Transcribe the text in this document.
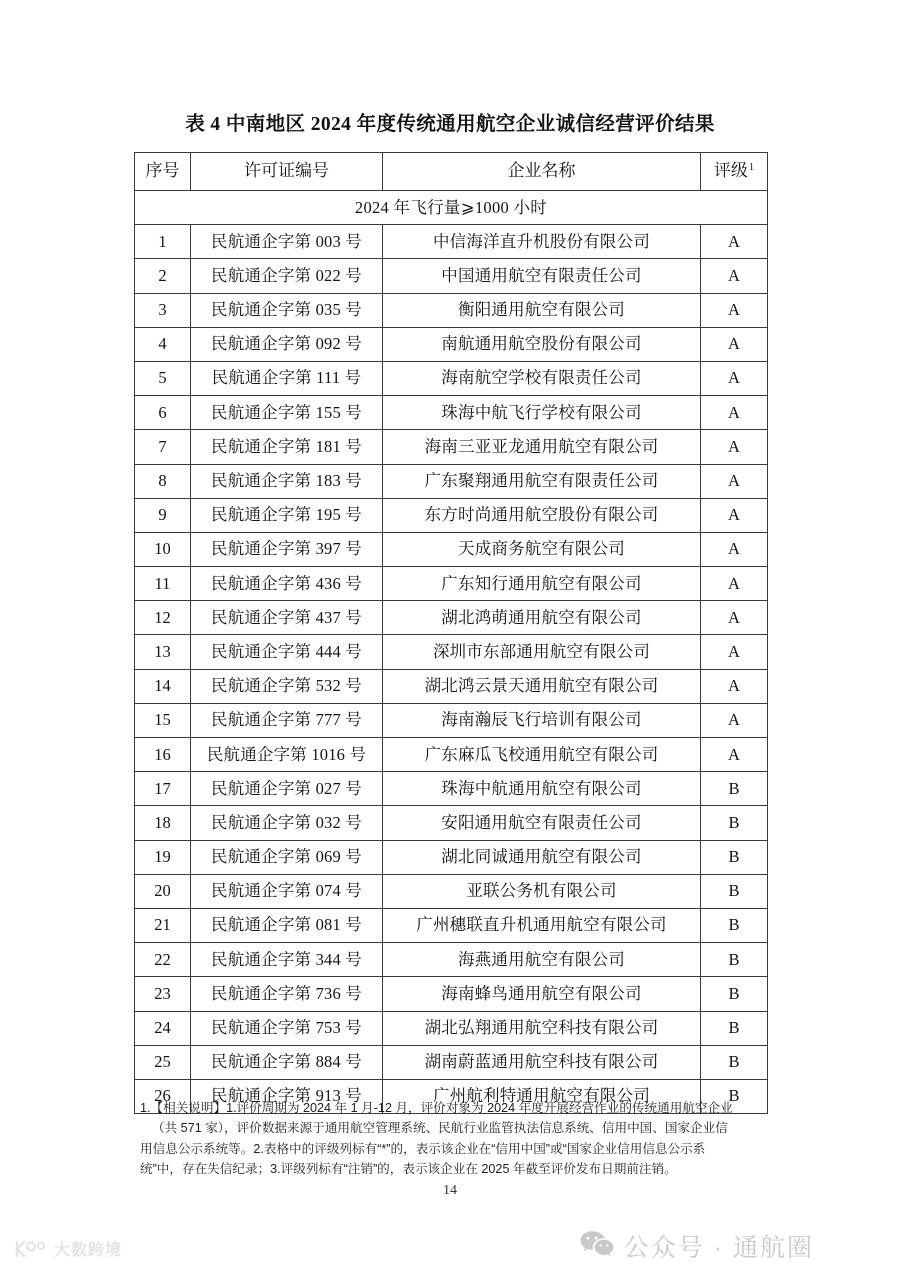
表 4 中南地区 2024 年度传统通用航空企业诚信经营评价结果
序号	许可证编号	企业名称	评级$^1$
2024 年飞行量⩾1000 小时			
1	民航通企字第 003 号	中信海洋直升机股份有限公司	A
2	民航通企字第 022 号	中国通用航空有限责任公司	A
3	民航通企字第 035 号	衡阳通用航空有限公司	A
4	民航通企字第 092 号	南航通用航空股份有限公司	A
5	民航通企字第 111 号	海南航空学校有限责任公司	A
6	民航通企字第 155 号	珠海中航飞行学校有限公司	A
7	民航通企字第 181 号	海南三亚亚龙通用航空有限公司	A
8	民航通企字第 183 号	广东聚翔通用航空有限责任公司	A
9	民航通企字第 195 号	东方时尚通用航空股份有限公司	A
10	民航通企字第 397 号	天成商务航空有限公司	A
11	民航通企字第 436 号	广东知行通用航空有限公司	A
12	民航通企字第 437 号	湖北鸿萌通用航空有限公司	A
13	民航通企字第 444 号	深圳市东部通用航空有限公司	A
14	民航通企字第 532 号	湖北鸿云景天通用航空有限公司	A
15	民航通企字第 777 号	海南瀚辰飞行培训有限公司	A
16	民航通企字第 1016 号	广东麻瓜飞校通用航空有限公司	A
17	民航通企字第 027 号	珠海中航通用航空有限公司	B
18	民航通企字第 032 号	安阳通用航空有限责任公司	B
19	民航通企字第 069 号	湖北同诚通用航空有限公司	B
20	民航通企字第 074 号	亚联公务机有限公司	B
21	民航通企字第 081 号	广州穗联直升机通用航空有限公司	B
22	民航通企字第 344 号	海燕通用航空有限公司	B
23	民航通企字第 736 号	海南蜂鸟通用航空有限公司	B
24	民航通企字第 753 号	湖北弘翔通用航空科技有限公司	B
25	民航通企字第 884 号	湖南蔚蓝通用航空科技有限公司	B
26	民航通企字第 913 号	广州航利特通用航空有限公司	B
1.【相关说明】1.评价周期为 2024 年 1 月-12 月，评价对象为 2024 年度开展经营作业的传统通用航空企业
（共 571 家），评价数据来源于通用航空管理系统、民航行业监管执法信息系统、信用中国、国家企业信
用信息公示系统等。2.表格中的评级列标有“*”的，表示该企业在“信用中国”或“国家企业信用信息公示系
统”中，存在失信纪录；3.评级列标有“注销”的，表示该企业在 2025 年截至评价发布日期前注销。
14
大数跨境	公众号 · 通航圈
